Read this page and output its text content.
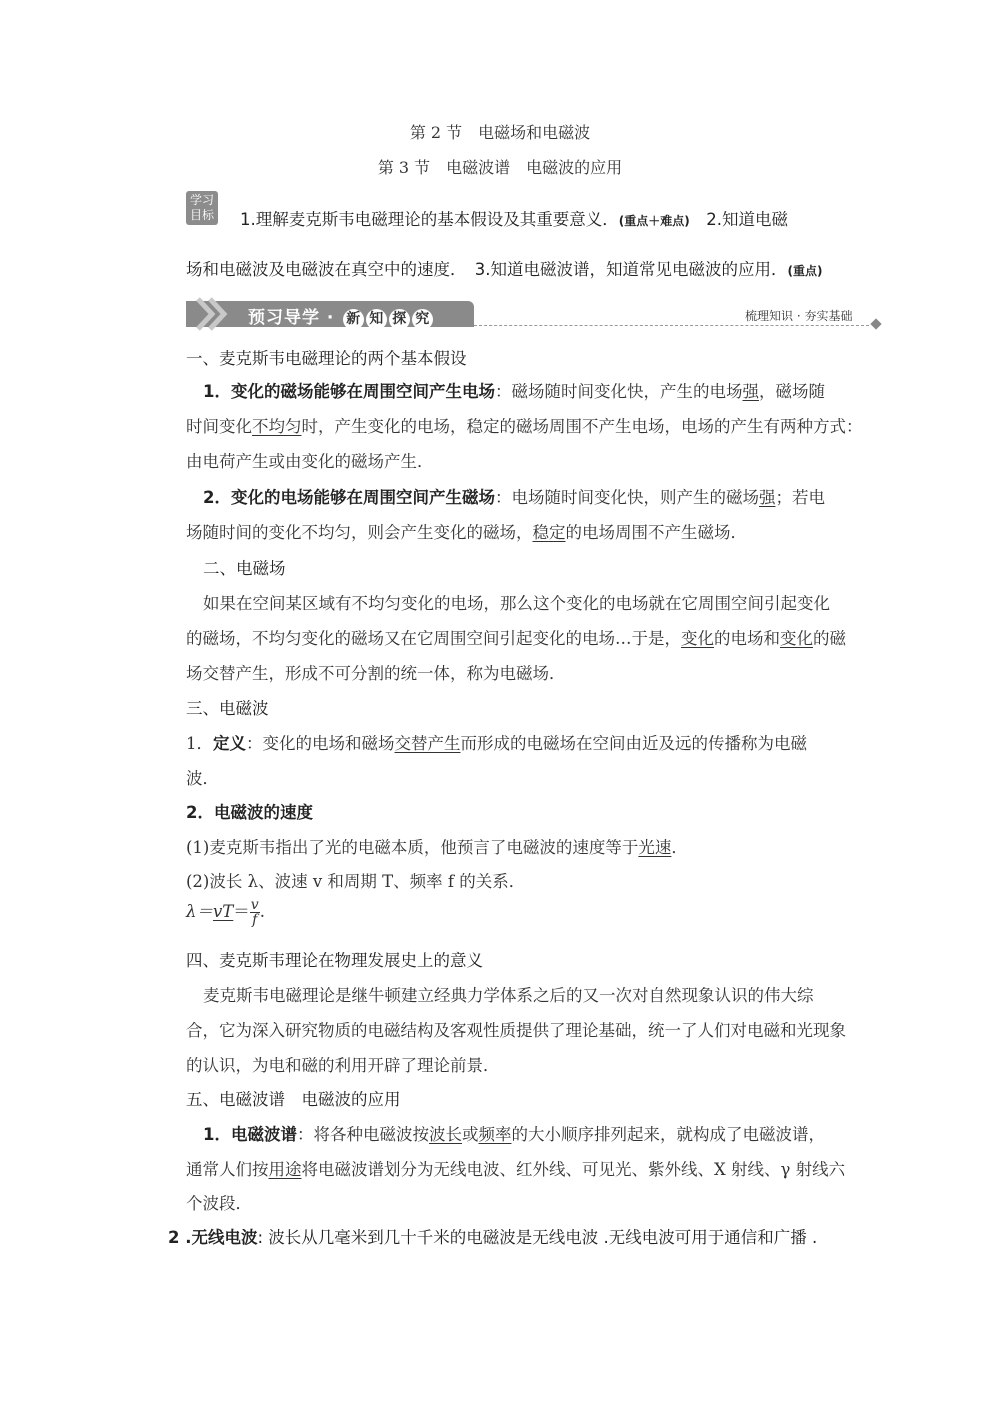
第 2 节　电磁场和电磁波
第 3 节　电磁波谱　电磁波的应用
学习
目标 1.理解麦克斯韦电磁理论的基本假设及其重要意义．(重点＋难点)　2.知道电磁
场和电磁波及电磁波在真空中的速度．　3.知道电磁波谱，知道常见电磁波的应用．(重点)
预习导学 · 新 知 探 究	梳理知识 · 夯实基础
一、麦克斯韦电磁理论的两个基本假设
1．变化的磁场能够在周围空间产生电场：磁场随时间变化快，产生的电场强，磁场随
时间变化不均匀时，产生变化的电场，稳定的磁场周围不产生电场，电场的产生有两种方式：
由电荷产生或由变化的磁场产生．
2．变化的电场能够在周围空间产生磁场：电场随时间变化快，则产生的磁场强；若电
场随时间的变化不均匀，则会产生变化的磁场，稳定的电场周围不产生磁场．
二、电磁场
如果在空间某区域有不均匀变化的电场，那么这个变化的电场就在它周围空间引起变化
的磁场，不均匀变化的磁场又在它周围空间引起变化的电场…于是，变化的电场和变化的磁
场交替产生，形成不可分割的统一体，称为电磁场．
三、电磁波
1．定义：变化的电场和磁场交替产生而形成的电磁场在空间由近及远的传播称为电磁
波．
2．电磁波的速度
(1)麦克斯韦指出了光的电磁本质，他预言了电磁波的速度等于光速．
(2)波长 λ、波速 v 和周期 T、频率 f 的关系．
$\lambda=vT= \frac{v}{f}$ .
四、麦克斯韦理论在物理发展史上的意义
麦克斯韦电磁理论是继牛顿建立经典力学体系之后的又一次对自然现象认识的伟大综
合，它为深入研究物质的电磁结构及客观性质提供了理论基础，统一了人们对电磁和光现象
的认识，为电和磁的利用开辟了理论前景．
五、电磁波谱　电磁波的应用
1．电磁波谱：将各种电磁波按波长或频率的大小顺序排列起来，就构成了电磁波谱，
通常人们按用途将电磁波谱划分为无线电波、红外线、可见光、紫外线、X 射线、γ 射线六
个波段．
2 .无线电波: 波长从几毫米到几十千米的电磁波是无线电波 .无线电波可用于通信和广播 .
